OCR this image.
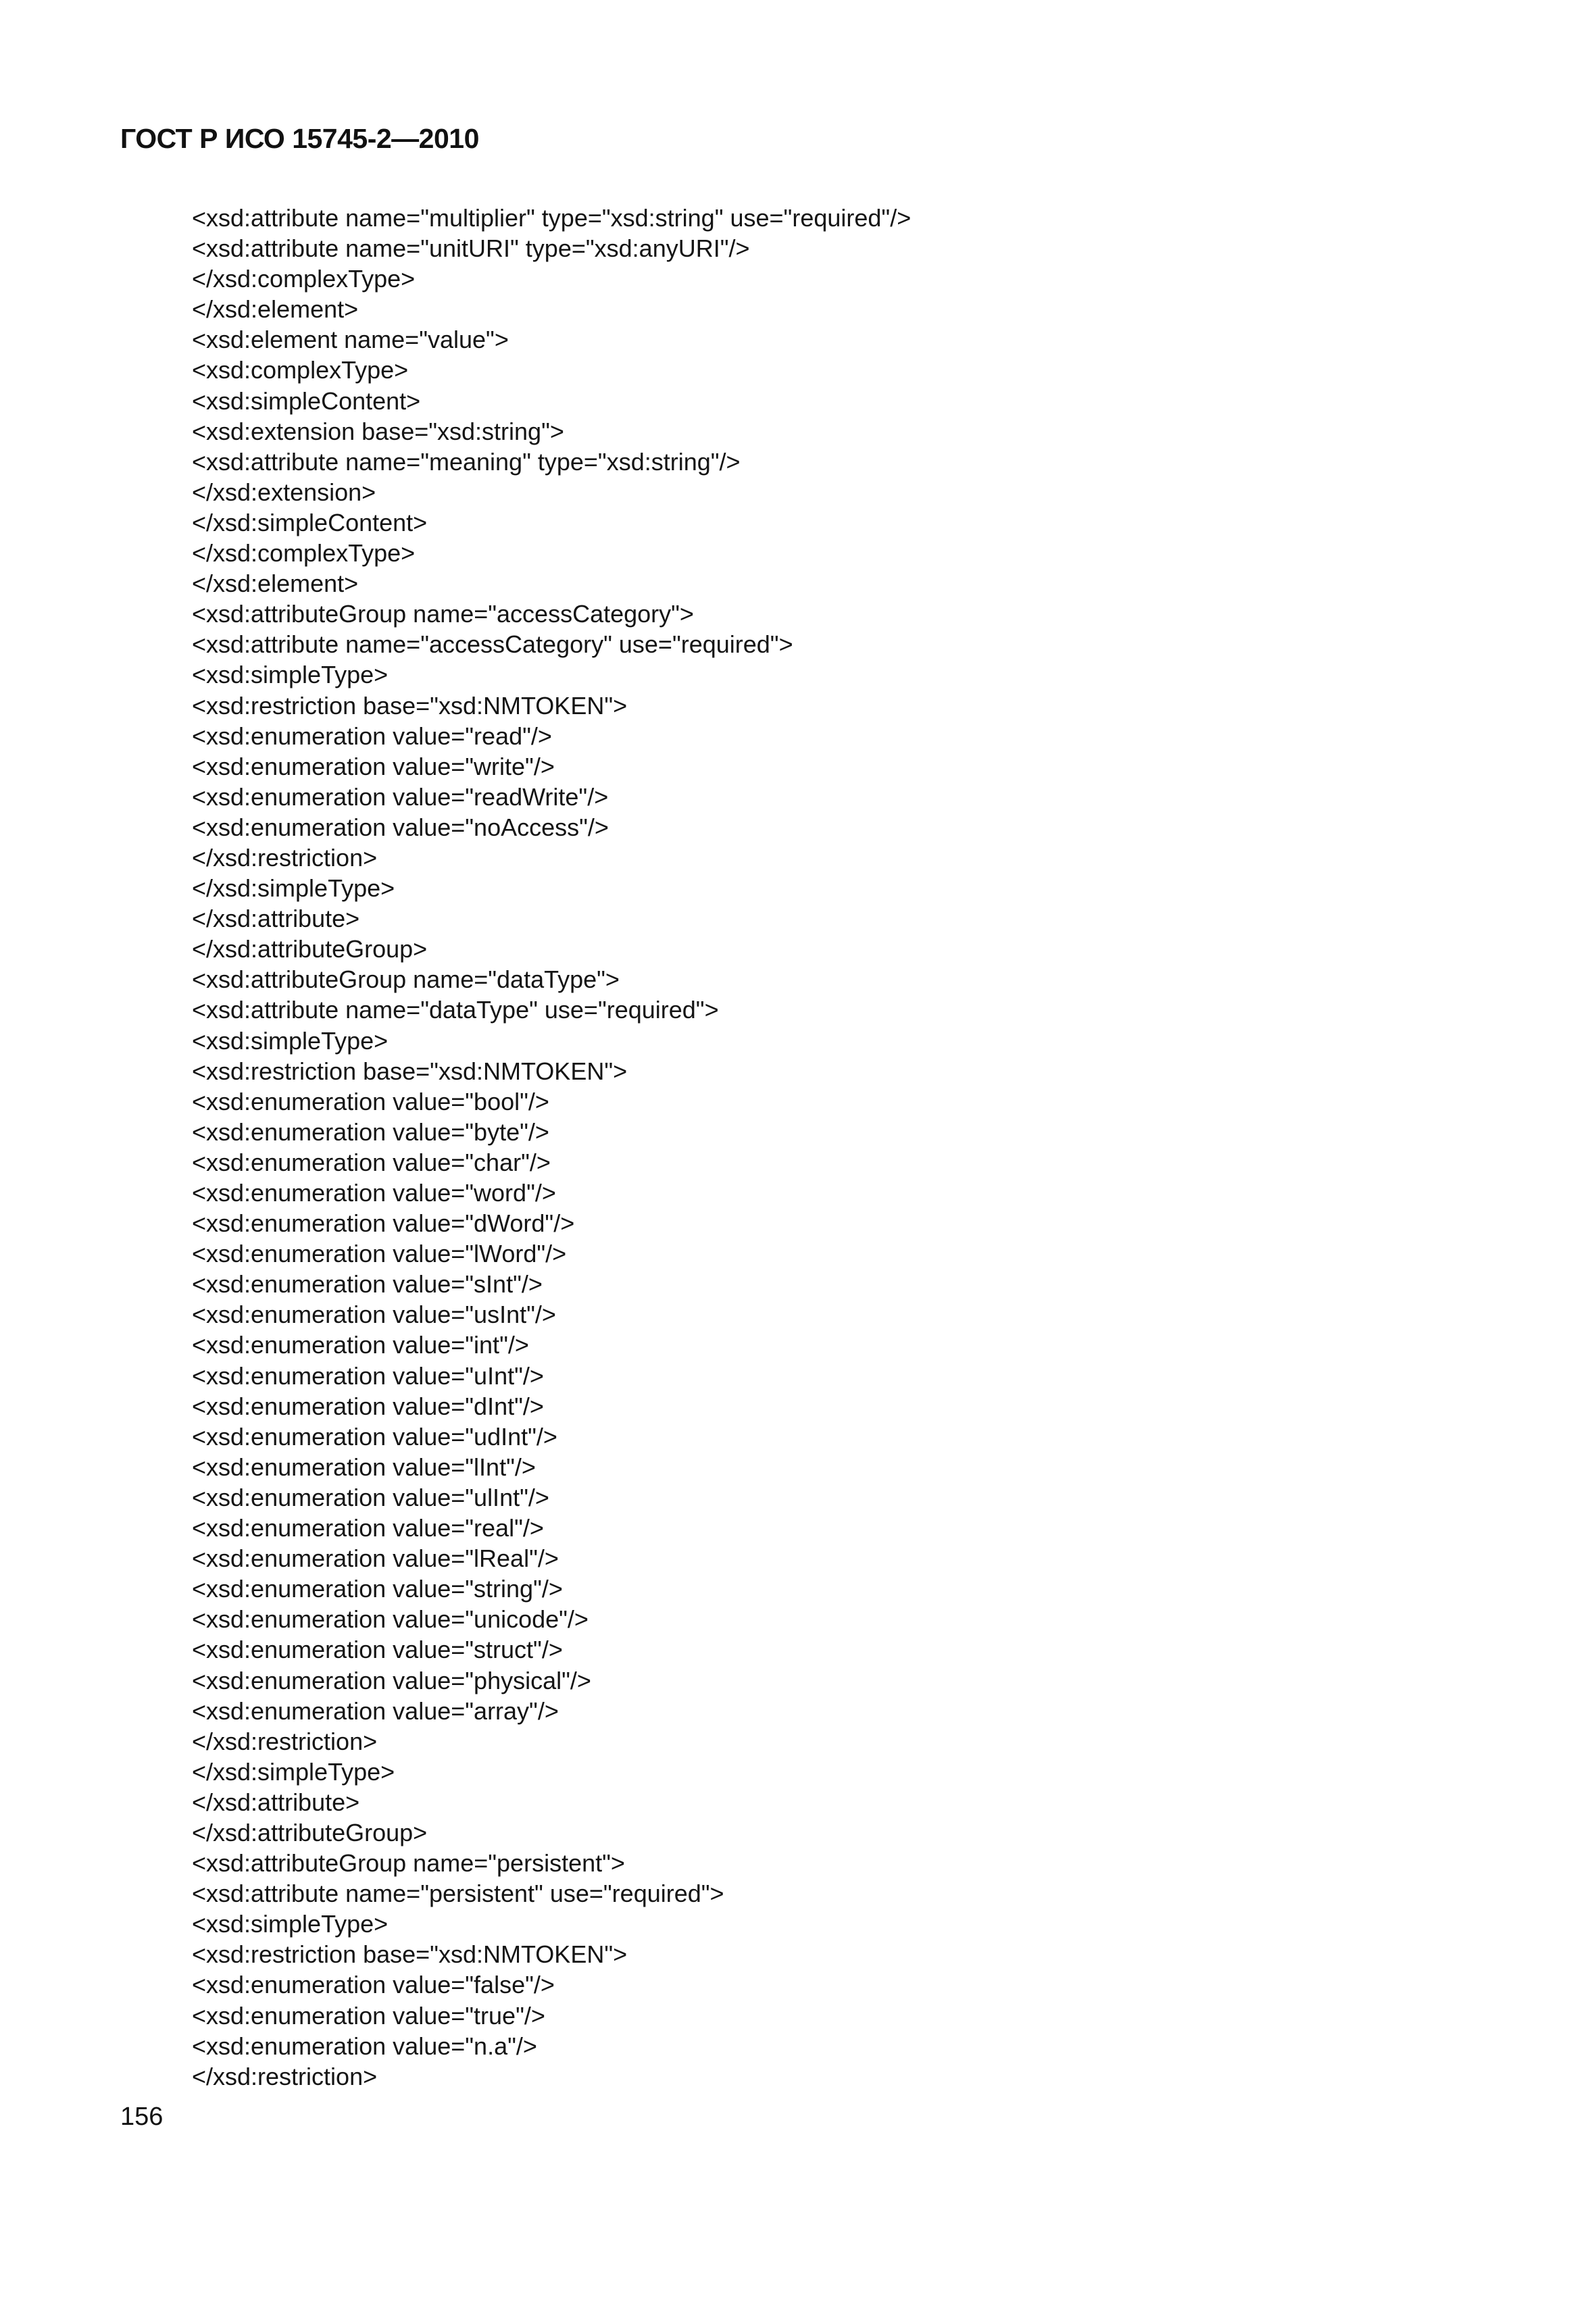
ГОСТ Р ИСО 15745-2—2010
<xsd:attribute name="multiplier" type="xsd:string" use="required"/>
<xsd:attribute name="unitURI" type="xsd:anyURI"/>
</xsd:complexType>
</xsd:element>
<xsd:element name="value">
<xsd:complexType>
<xsd:simpleContent>
<xsd:extension base="xsd:string">
<xsd:attribute name="meaning" type="xsd:string"/>
</xsd:extension>
</xsd:simpleContent>
</xsd:complexType>
</xsd:element>
<xsd:attributeGroup name="accessCategory">
<xsd:attribute name="accessCategory" use="required">
<xsd:simpleType>
<xsd:restriction base="xsd:NMTOKEN">
<xsd:enumeration value="read"/>
<xsd:enumeration value="write"/>
<xsd:enumeration value="readWrite"/>
<xsd:enumeration value="noAccess"/>
</xsd:restriction>
</xsd:simpleType>
</xsd:attribute>
</xsd:attributeGroup>
<xsd:attributeGroup name="dataType">
<xsd:attribute name="dataType" use="required">
<xsd:simpleType>
<xsd:restriction base="xsd:NMTOKEN">
<xsd:enumeration value="bool"/>
<xsd:enumeration value="byte"/>
<xsd:enumeration value="char"/>
<xsd:enumeration value="word"/>
<xsd:enumeration value="dWord"/>
<xsd:enumeration value="lWord"/>
<xsd:enumeration value="sInt"/>
<xsd:enumeration value="usInt"/>
<xsd:enumeration value="int"/>
<xsd:enumeration value="uInt"/>
<xsd:enumeration value="dInt"/>
<xsd:enumeration value="udInt"/>
<xsd:enumeration value="lInt"/>
<xsd:enumeration value="ulInt"/>
<xsd:enumeration value="real"/>
<xsd:enumeration value="lReal"/>
<xsd:enumeration value="string"/>
<xsd:enumeration value="unicode"/>
<xsd:enumeration value="struct"/>
<xsd:enumeration value="physical"/>
<xsd:enumeration value="array"/>
</xsd:restriction>
</xsd:simpleType>
</xsd:attribute>
</xsd:attributeGroup>
<xsd:attributeGroup name="persistent">
<xsd:attribute name="persistent" use="required">
<xsd:simpleType>
<xsd:restriction base="xsd:NMTOKEN">
<xsd:enumeration value="false"/>
<xsd:enumeration value="true"/>
<xsd:enumeration value="n.a"/>
</xsd:restriction>
156
